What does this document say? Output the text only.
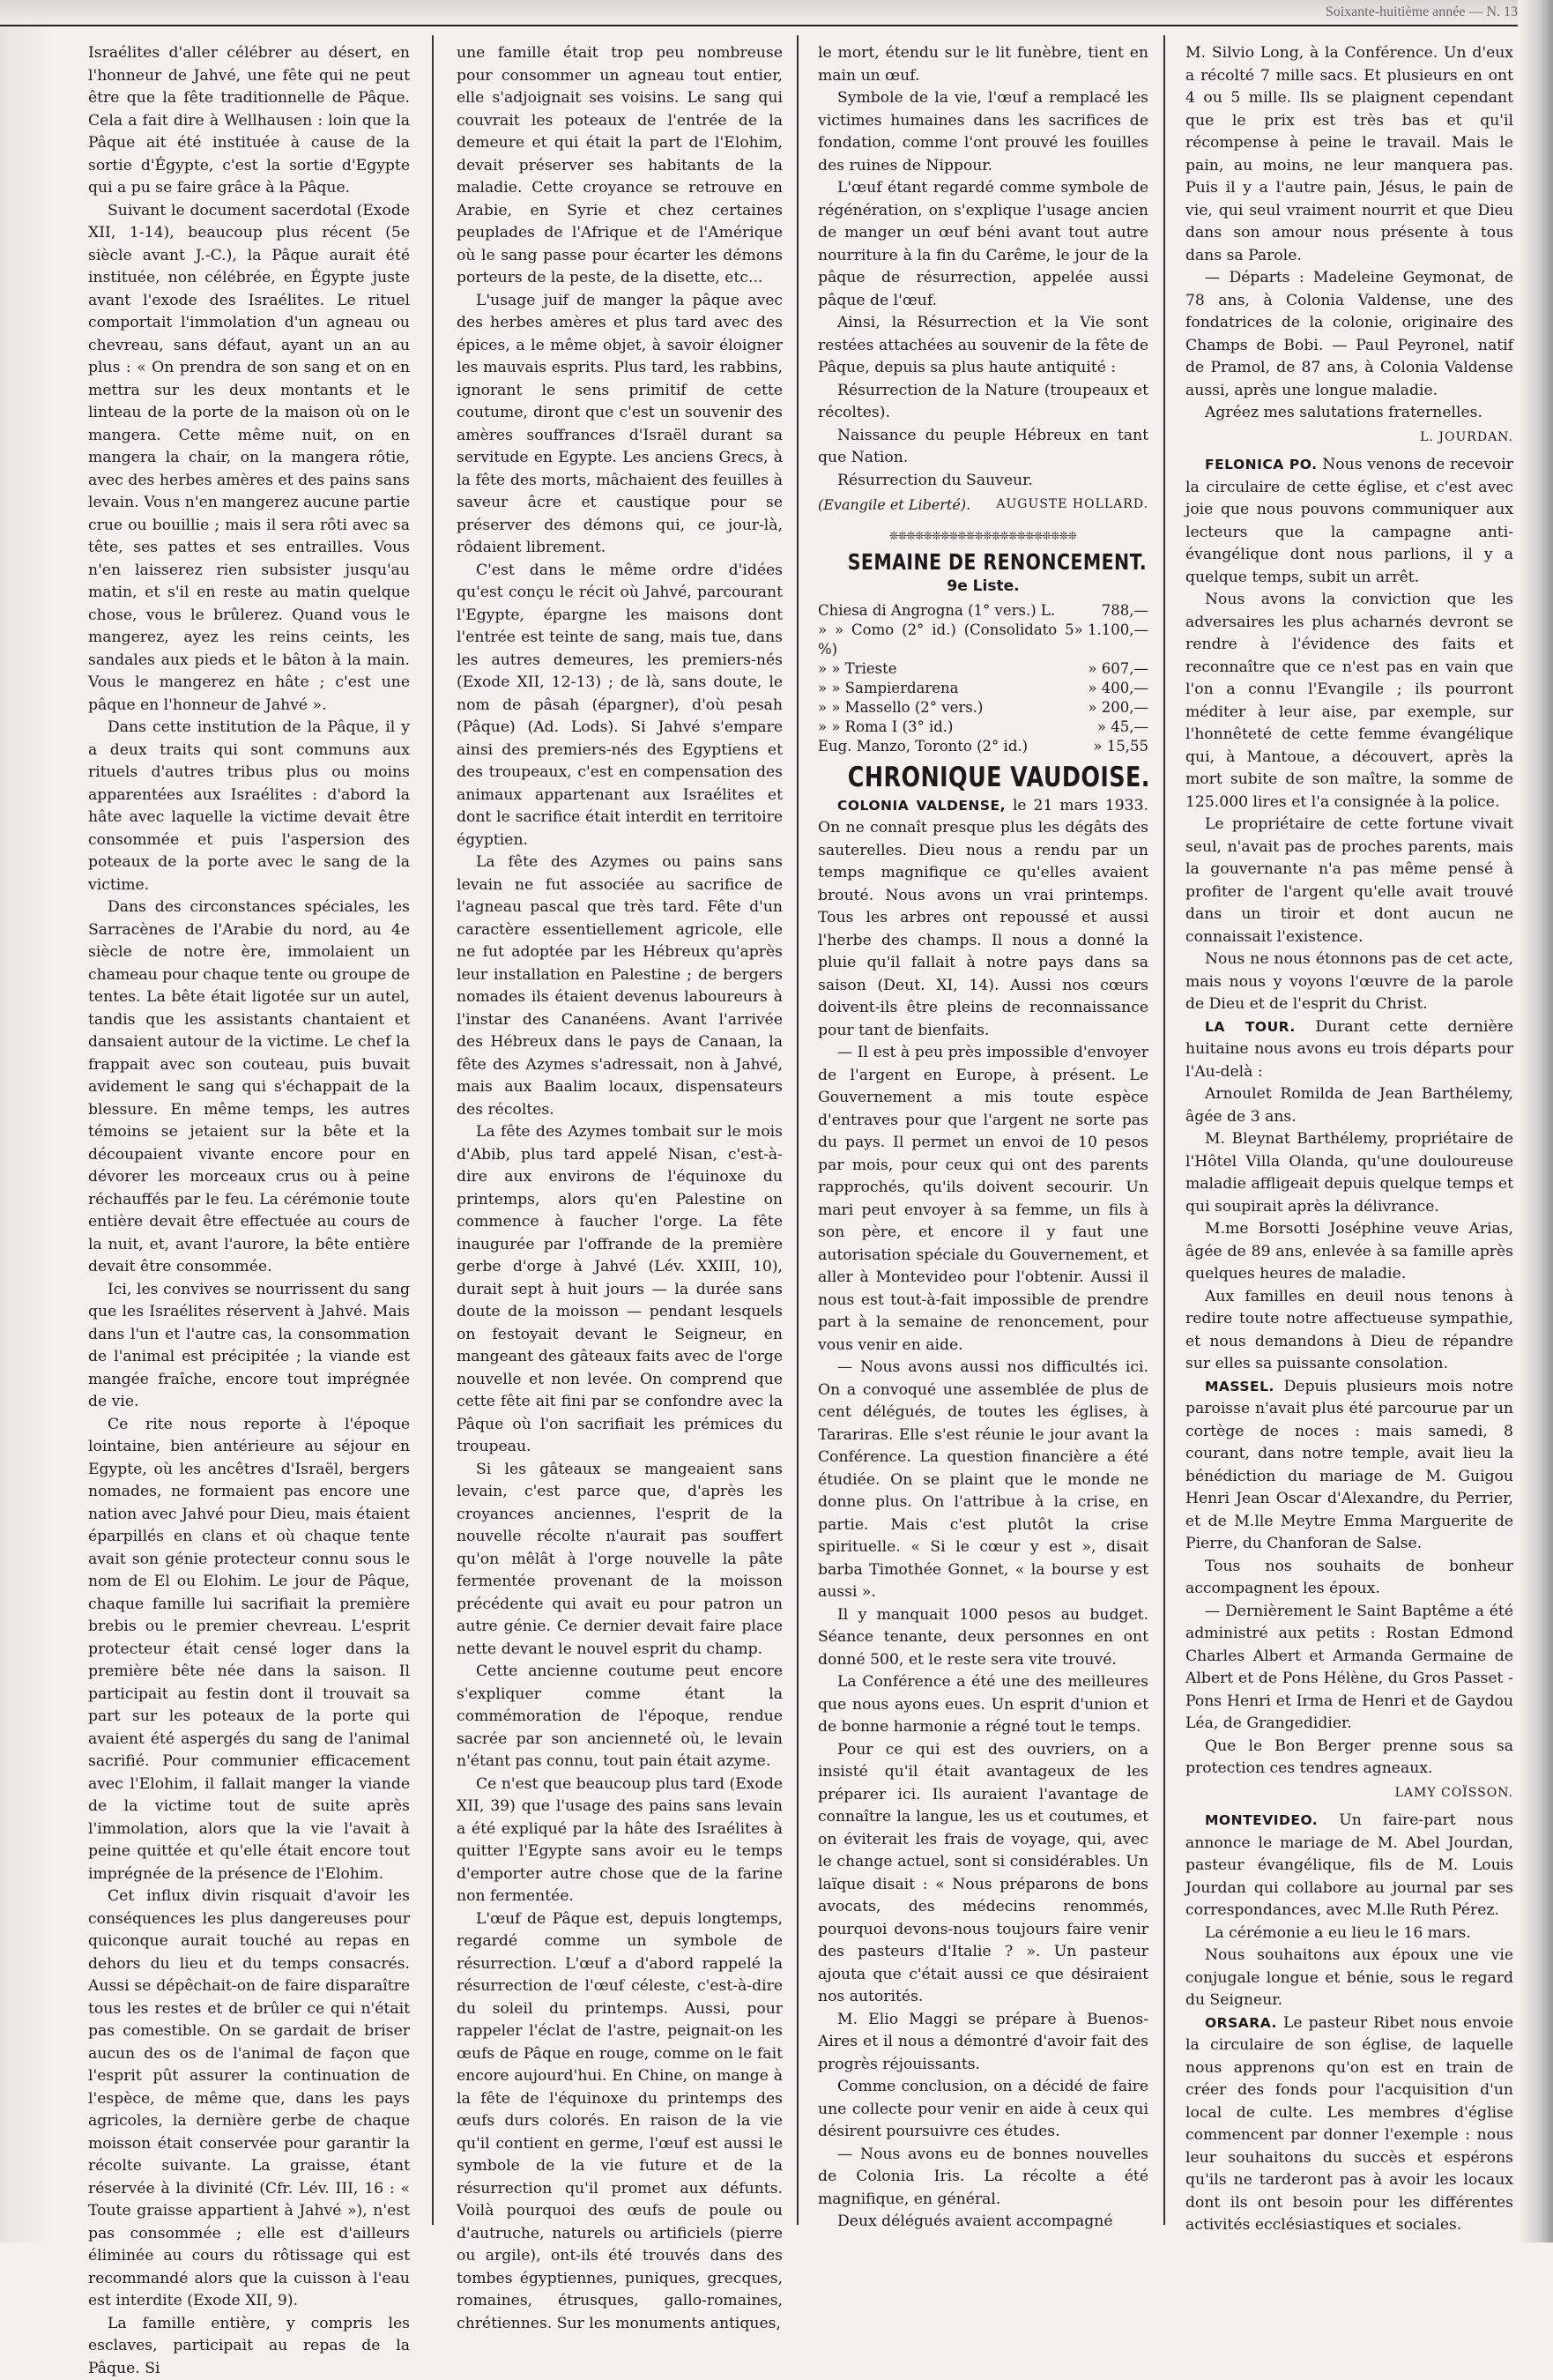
Soixante-huitième année — N. 13

Israélites d'aller célébrer au désert, en l'honneur de Jahvé, une fête qui ne peut être que la fête traditionnelle de Pâque. Cela a fait dire à Wellhausen : loin que la Pâque ait été instituée à cause de la sortie d'Égypte, c'est la sortie d'Egypte qui a pu se faire grâce à la Pâque.

Suivant le document sacerdotal (Exode XII, 1-14), beaucoup plus récent (5e siècle avant J.-C.), la Pâque aurait été instituée, non célébrée, en Égypte juste avant l'exode des Israélites. Le rituel comportait l'immolation d'un agneau ou chevreau, sans défaut, ayant un an au plus : « On prendra de son sang et on en mettra sur les deux montants et le linteau de la porte de la maison où on le mangera. Cette même nuit, on en mangera la chair, on la mangera rôtie, avec des herbes amères et des pains sans levain. Vous n'en mangerez aucune partie crue ou bouillie ; mais il sera rôti avec sa tête, ses pattes et ses entrailles. Vous n'en laisserez rien subsister jusqu'au matin, et s'il en reste au matin quelque chose, vous le brûlerez. Quand vous le mangerez, ayez les reins ceints, les sandales aux pieds et le bâton à la main. Vous le mangerez en hâte ; c'est une pâque en l'honneur de Jahvé ».

Dans cette institution de la Pâque, il y a deux traits qui sont communs aux rituels d'autres tribus plus ou moins apparentées aux Israélites : d'abord la hâte avec laquelle la victime devait être consommée et puis l'aspersion des poteaux de la porte avec le sang de la victime.

Dans des circonstances spéciales, les Sarracènes de l'Arabie du nord, au 4e siècle de notre ère, immolaient un chameau pour chaque tente ou groupe de tentes. La bête était ligotée sur un autel, tandis que les assistants chantaient et dansaient autour de la victime. Le chef la frappait avec son couteau, puis buvait avidement le sang qui s'échappait de la blessure. En même temps, les autres témoins se jetaient sur la bête et la découpaient vivante encore pour en dévorer les morceaux crus ou à peine réchauffés par le feu. La cérémonie toute entière devait être effectuée au cours de la nuit, et, avant l'aurore, la bête entière devait être consommée.

Ici, les convives se nourrissent du sang que les Israélites réservent à Jahvé. Mais dans l'un et l'autre cas, la consommation de l'animal est précipitée ; la viande est mangée fraîche, encore tout imprégnée de vie.

Ce rite nous reporte à l'époque lointaine, bien antérieure au séjour en Egypte, où les ancêtres d'Israël, bergers nomades, ne formaient pas encore une nation avec Jahvé pour Dieu, mais étaient éparpillés en clans et où chaque tente avait son génie protecteur connu sous le nom de El ou Elohim. Le jour de Pâque, chaque famille lui sacrifiait la première brebis ou le premier chevreau. L'esprit protecteur était censé loger dans la première bête née dans la saison. Il participait au festin dont il trouvait sa part sur les poteaux de la porte qui avaient été aspergés du sang de l'animal sacrifié. Pour communier efficacement avec l'Elohim, il fallait manger la viande de la victime tout de suite après l'immolation, alors que la vie l'avait à peine quittée et qu'elle était encore tout imprégnée de la présence de l'Elohim.

Cet influx divin risquait d'avoir les conséquences les plus dangereuses pour quiconque aurait touché au repas en dehors du lieu et du temps consacrés. Aussi se dépêchait-on de faire disparaître tous les restes et de brûler ce qui n'était pas comestible. On se gardait de briser aucun des os de l'animal de façon que l'esprit pût assurer la continuation de l'espèce, de même que, dans les pays agricoles, la dernière gerbe de chaque moisson était conservée pour garantir la récolte suivante. La graisse, étant réservée à la divinité (Cfr. Lév. III, 16 : « Toute graisse appartient à Jahvé »), n'est pas consommée ; elle est d'ailleurs éliminée au cours du rôtissage qui est recommandé alors que la cuisson à l'eau est interdite (Exode XII, 9).

La famille entière, y compris les esclaves, participait au repas de la Pâque. Si

une famille était trop peu nombreuse pour consommer un agneau tout entier, elle s'adjoignait ses voisins. Le sang qui couvrait les poteaux de l'entrée de la demeure et qui était la part de l'Elohim, devait préserver ses habitants de la maladie. Cette croyance se retrouve en Arabie, en Syrie et chez certaines peuplades de l'Afrique et de l'Amérique où le sang passe pour écarter les démons porteurs de la peste, de la disette, etc...

L'usage juif de manger la pâque avec des herbes amères et plus tard avec des épices, a le même objet, à savoir éloigner les mauvais esprits. Plus tard, les rabbins, ignorant le sens primitif de cette coutume, diront que c'est un souvenir des amères souffrances d'Israël durant sa servitude en Egypte. Les anciens Grecs, à la fête des morts, mâchaient des feuilles à saveur âcre et caustique pour se préserver des démons qui, ce jour-là, rôdaient librement.

C'est dans le même ordre d'idées qu'est conçu le récit où Jahvé, parcourant l'Egypte, épargne les maisons dont l'entrée est teinte de sang, mais tue, dans les autres demeures, les premiers-nés (Exode XII, 12-13) ; de là, sans doute, le nom de pâsah (épargner), d'où pesah (Pâque) (Ad. Lods). Si Jahvé s'empare ainsi des premiers-nés des Egyptiens et des troupeaux, c'est en compensation des animaux appartenant aux Israélites et dont le sacrifice était interdit en territoire égyptien.

La fête des Azymes ou pains sans levain ne fut associée au sacrifice de l'agneau pascal que très tard. Fête d'un caractère essentiellement agricole, elle ne fut adoptée par les Hébreux qu'après leur installation en Palestine ; de bergers nomades ils étaient devenus laboureurs à l'instar des Cananéens. Avant l'arrivée des Hébreux dans le pays de Canaan, la fête des Azymes s'adressait, non à Jahvé, mais aux Baalim locaux, dispensateurs des récoltes.

La fête des Azymes tombait sur le mois d'Abib, plus tard appelé Nisan, c'est-à-dire aux environs de l'équinoxe du printemps, alors qu'en Palestine on commence à faucher l'orge. La fête inaugurée par l'offrande de la première gerbe d'orge à Jahvé (Lév. XXIII, 10), durait sept à huit jours — la durée sans doute de la moisson — pendant lesquels on festoyait devant le Seigneur, en mangeant des gâteaux faits avec de l'orge nouvelle et non levée. On comprend que cette fête ait fini par se confondre avec la Pâque où l'on sacrifiait les prémices du troupeau.

Si les gâteaux se mangeaient sans levain, c'est parce que, d'après les croyances anciennes, l'esprit de la nouvelle récolte n'aurait pas souffert qu'on mêlât à l'orge nouvelle la pâte fermentée provenant de la moisson précédente qui avait eu pour patron un autre génie. Ce dernier devait faire place nette devant le nouvel esprit du champ.

Cette ancienne coutume peut encore s'expliquer comme étant la commémoration de l'époque, rendue sacrée par son ancienneté où, le levain n'étant pas connu, tout pain était azyme.

Ce n'est que beaucoup plus tard (Exode XII, 39) que l'usage des pains sans levain a été expliqué par la hâte des Israélites à quitter l'Egypte sans avoir eu le temps d'emporter autre chose que de la farine non fermentée.

L'œuf de Pâque est, depuis longtemps, regardé comme un symbole de résurrection. L'œuf a d'abord rappelé la résurrection de l'œuf céleste, c'est-à-dire du soleil du printemps. Aussi, pour rappeler l'éclat de l'astre, peignait-on les œufs de Pâque en rouge, comme on le fait encore aujourd'hui. En Chine, on mange à la fête de l'équinoxe du printemps des œufs durs colorés. En raison de la vie qu'il contient en germe, l'œuf est aussi le symbole de la vie future et de la résurrection qu'il promet aux défunts. Voilà pourquoi des œufs de poule ou d'autruche, naturels ou artificiels (pierre ou argile), ont-ils été trouvés dans des tombes égyptiennes, puniques, grecques, romaines, étrusques, gallo-romaines, chrétiennes. Sur les monuments antiques,

le mort, étendu sur le lit funèbre, tient en main un œuf.

Symbole de la vie, l'œuf a remplacé les victimes humaines dans les sacrifices de fondation, comme l'ont prouvé les fouilles des ruines de Nippour.

L'œuf étant regardé comme symbole de régénération, on s'explique l'usage ancien de manger un œuf béni avant tout autre nourriture à la fin du Carême, le jour de la pâque de résurrection, appelée aussi pâque de l'œuf.

Ainsi, la Résurrection et la Vie sont restées attachées au souvenir de la fête de Pâque, depuis sa plus haute antiquité :

Résurrection de la Nature (troupeaux et récoltes).

Naissance du peuple Hébreux en tant que Nation.

Résurrection du Sauveur.

(Evangile et Liberté). AUGUSTE HOLLARD.
❊❊❊❊❊❊❊❊❊❊❊❊❊❊❊❊❊❊❊❊❊❊
SEMAINE DE RENONCEMENT.
9e Liste.
Chiesa di Angrogna (1° vers.) L.	788,—
» » Como (2° id.) (Consolidato 5 %)	» 1.100,—
» » Trieste	» 607,—
» » Sampierdarena	» 400,—
» » Massello (2° vers.)	» 200,—
» » Roma I (3° id.)	» 45,—
Eug. Manzo, Toronto (2° id.)	» 15,55
CHRONIQUE VAUDOISE.

COLONIA VALDENSE, le 21 mars 1933. On ne connaît presque plus les dégâts des sauterelles. Dieu nous a rendu par un temps magnifique ce qu'elles avaient brouté. Nous avons un vrai printemps. Tous les arbres ont repoussé et aussi l'herbe des champs. Il nous a donné la pluie qu'il fallait à notre pays dans sa saison (Deut. XI, 14). Aussi nos cœurs doivent-ils être pleins de reconnaissance pour tant de bienfaits.

— Il est à peu près impossible d'envoyer de l'argent en Europe, à présent. Le Gouvernement a mis toute espèce d'entraves pour que l'argent ne sorte pas du pays. Il permet un envoi de 10 pesos par mois, pour ceux qui ont des parents rapprochés, qu'ils doivent secourir. Un mari peut envoyer à sa femme, un fils à son père, et encore il y faut une autorisation spéciale du Gouvernement, et aller à Montevideo pour l'obtenir. Aussi il nous est tout-à-fait impossible de prendre part à la semaine de renoncement, pour vous venir en aide.

— Nous avons aussi nos difficultés ici. On a convoqué une assemblée de plus de cent délégués, de toutes les églises, à Tarariras. Elle s'est réunie le jour avant la Conférence. La question financière a été étudiée. On se plaint que le monde ne donne plus. On l'attribue à la crise, en partie. Mais c'est plutôt la crise spirituelle. « Si le cœur y est », disait barba Timothée Gonnet, « la bourse y est aussi ».

Il y manquait 1000 pesos au budget. Séance tenante, deux personnes en ont donné 500, et le reste sera vite trouvé.

La Conférence a été une des meilleures que nous ayons eues. Un esprit d'union et de bonne harmonie a régné tout le temps.

Pour ce qui est des ouvriers, on a insisté qu'il était avantageux de les préparer ici. Ils auraient l'avantage de connaître la langue, les us et coutumes, et on éviterait les frais de voyage, qui, avec le change actuel, sont si considérables. Un laïque disait : « Nous préparons de bons avocats, des médecins renommés, pourquoi devons-nous toujours faire venir des pasteurs d'Italie ? ». Un pasteur ajouta que c'était aussi ce que désiraient nos autorités.

M. Elio Maggi se prépare à Buenos-Aires et il nous a démontré d'avoir fait des progrès réjouissants.

Comme conclusion, on a décidé de faire une collecte pour venir en aide à ceux qui désirent poursuivre ces études.

— Nous avons eu de bonnes nouvelles de Colonia Iris. La récolte a été magnifique, en général.

Deux délégués avaient accompagné

M. Silvio Long, à la Conférence. Un d'eux a récolté 7 mille sacs. Et plusieurs en ont 4 ou 5 mille. Ils se plaignent cependant que le prix est très bas et qu'il récompense à peine le travail. Mais le pain, au moins, ne leur manquera pas. Puis il y a l'autre pain, Jésus, le pain de vie, qui seul vraiment nourrit et que Dieu dans son amour nous présente à tous dans sa Parole.

— Départs : Madeleine Geymonat, de 78 ans, à Colonia Valdense, une des fondatrices de la colonie, originaire des Champs de Bobi. — Paul Peyronel, natif de Pramol, de 87 ans, à Colonia Valdense aussi, après une longue maladie.

Agréez mes salutations fraternelles.

L. JOURDAN.

FELONICA PO. Nous venons de recevoir la circulaire de cette église, et c'est avec joie que nous pouvons communiquer aux lecteurs que la campagne anti-évangélique dont nous parlions, il y a quelque temps, subit un arrêt.

Nous avons la conviction que les adversaires les plus acharnés devront se rendre à l'évidence des faits et reconnaître que ce n'est pas en vain que l'on a connu l'Evangile ; ils pourront méditer à leur aise, par exemple, sur l'honnêteté de cette femme évangélique qui, à Mantoue, a découvert, après la mort subite de son maître, la somme de 125.000 lires et l'a consignée à la police.

Le propriétaire de cette fortune vivait seul, n'avait pas de proches parents, mais la gouvernante n'a pas même pensé à profiter de l'argent qu'elle avait trouvé dans un tiroir et dont aucun ne connaissait l'existence.

Nous ne nous étonnons pas de cet acte, mais nous y voyons l'œuvre de la parole de Dieu et de l'esprit du Christ.

LA TOUR. Durant cette dernière huitaine nous avons eu trois départs pour l'Au-delà :

Arnoulet Romilda de Jean Barthélemy, âgée de 3 ans.

M. Bleynat Barthélemy, propriétaire de l'Hôtel Villa Olanda, qu'une douloureuse maladie affligeait depuis quelque temps et qui soupirait après la délivrance.

M.me Borsotti Joséphine veuve Arias, âgée de 89 ans, enlevée à sa famille après quelques heures de maladie.

Aux familles en deuil nous tenons à redire toute notre affectueuse sympathie, et nous demandons à Dieu de répandre sur elles sa puissante consolation.

MASSEL. Depuis plusieurs mois notre paroisse n'avait plus été parcourue par un cortège de noces : mais samedi, 8 courant, dans notre temple, avait lieu la bénédiction du mariage de M. Guigou Henri Jean Oscar d'Alexandre, du Perrier, et de M.lle Meytre Emma Marguerite de Pierre, du Chanforan de Salse.

Tous nos souhaits de bonheur accompagnent les époux.

— Dernièrement le Saint Baptême a été administré aux petits : Rostan Edmond Charles Albert et Armanda Germaine de Albert et de Pons Hélène, du Gros Passet - Pons Henri et Irma de Henri et de Gaydou Léa, de Grangedidier.

Que le Bon Berger prenne sous sa protection ces tendres agneaux.

LAMY COÏSSON.

MONTEVIDEO. Un faire-part nous annonce le mariage de M. Abel Jourdan, pasteur évangélique, fils de M. Louis Jourdan qui collabore au journal par ses correspondances, avec M.lle Ruth Pérez.

La cérémonie a eu lieu le 16 mars.

Nous souhaitons aux époux une vie conjugale longue et bénie, sous le regard du Seigneur.

ORSARA. Le pasteur Ribet nous envoie la circulaire de son église, de laquelle nous apprenons qu'on est en train de créer des fonds pour l'acquisition d'un local de culte. Les membres d'église commencent par donner l'exemple : nous leur souhaitons du succès et espérons qu'ils ne tarderont pas à avoir les locaux dont ils ont besoin pour les différentes activités ecclésiastiques et sociales.
